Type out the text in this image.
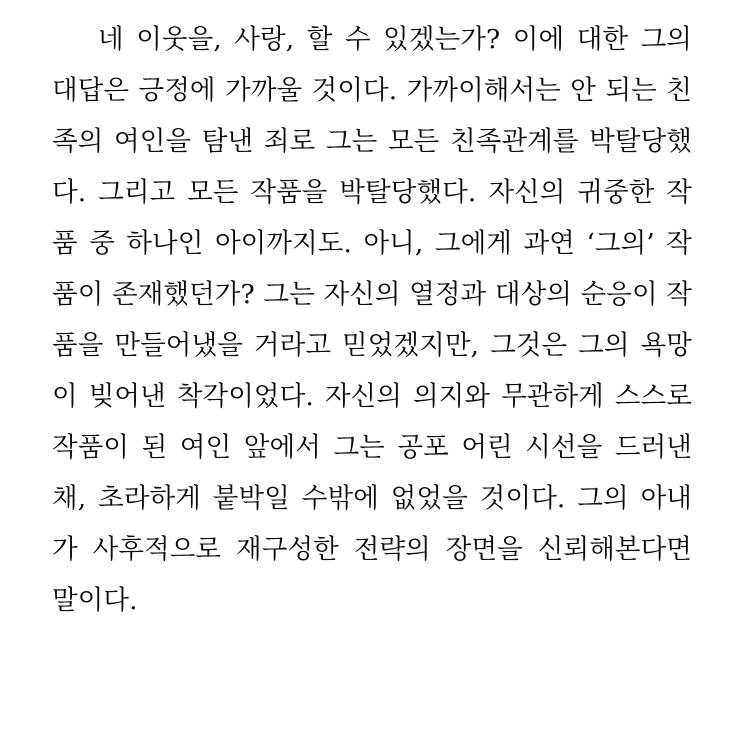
네 이웃을, 사랑, 할 수 있겠는가? 이에 대한 그의 대답은 긍정에 가까울 것이다. 가까이해서는 안 되는 친족의 여인을 탐낸 죄로 그는 모든 친족관계를 박탈당했다. 그리고 모든 작품을 박탈당했다. 자신의 귀중한 작품 중 하나인 아이까지도. 아니, 그에게 과연 ‘그의’ 작품이 존재했던가? 그는 자신의 열정과 대상의 순응이 작품을 만들어냈을 거라고 믿었겠지만, 그것은 그의 욕망이 빚어낸 착각이었다. 자신의 의지와 무관하게 스스로 작품이 된 여인 앞에서 그는 공포 어린 시선을 드러낸 채, 초라하게 붙박일 수밖에 없었을 것이다. 그의 아내가 사후적으로 재구성한 전략의 장면을 신뢰해본다면 말이다.
